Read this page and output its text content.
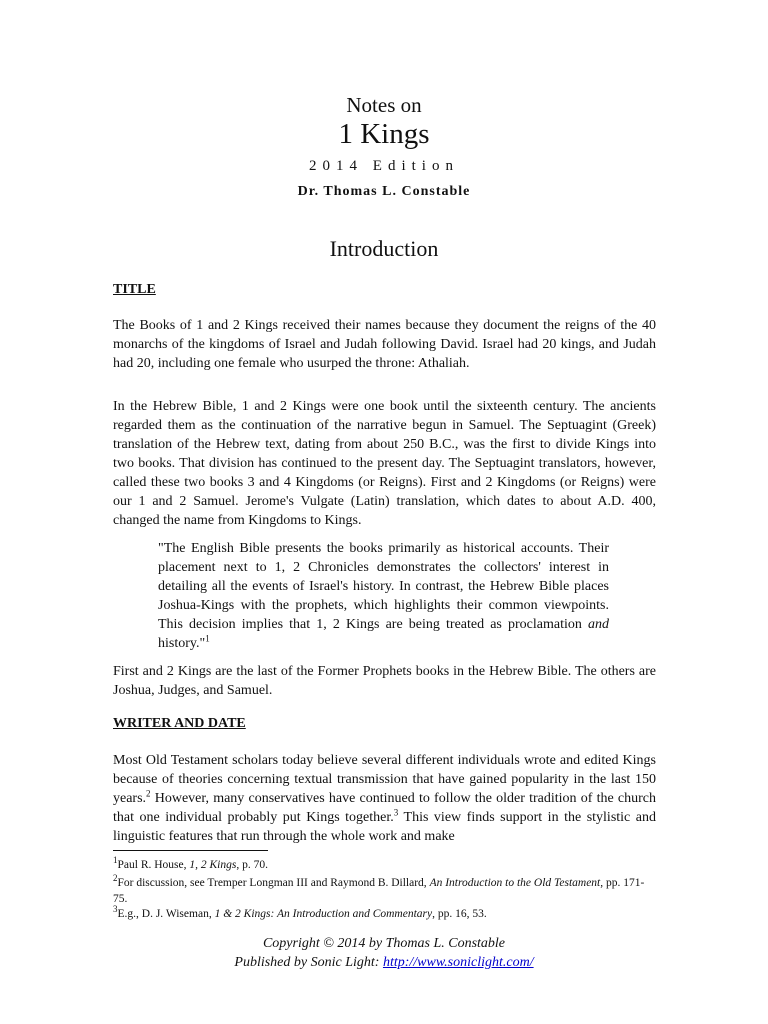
Notes on
1 Kings
2014 Edition
Dr. Thomas L. Constable
Introduction
TITLE

The Books of 1 and 2 Kings received their names because they document the reigns of the 40 monarchs of the kingdoms of Israel and Judah following David. Israel had 20 kings, and Judah had 20, including one female who usurped the throne: Athaliah.

In the Hebrew Bible, 1 and 2 Kings were one book until the sixteenth century. The ancients regarded them as the continuation of the narrative begun in Samuel. The Septuagint (Greek) translation of the Hebrew text, dating from about 250 B.C., was the first to divide Kings into two books. That division has continued to the present day. The Septuagint translators, however, called these two books 3 and 4 Kingdoms (or Reigns). First and 2 Kingdoms (or Reigns) were our 1 and 2 Samuel. Jerome's Vulgate (Latin) translation, which dates to about A.D. 400, changed the name from Kingdoms to Kings.

"The English Bible presents the books primarily as historical accounts. Their placement next to 1, 2 Chronicles demonstrates the collectors' interest in detailing all the events of Israel's history. In contrast, the Hebrew Bible places Joshua-Kings with the prophets, which highlights their common viewpoints. This decision implies that 1, 2 Kings are being treated as proclamation and history."$^1$

First and 2 Kings are the last of the Former Prophets books in the Hebrew Bible. The others are Joshua, Judges, and Samuel.

WRITER AND DATE

Most Old Testament scholars today believe several different individuals wrote and edited Kings because of theories concerning textual transmission that have gained popularity in the last 150 years.$^2$ However, many conservatives have continued to follow the older tradition of the church that one individual probably put Kings together.$^3$ This view finds support in the stylistic and linguistic features that run through the whole work and make

$^1$Paul R. House, 1, 2 Kings, p. 70.

$^2$For discussion, see Tremper Longman III and Raymond B. Dillard, An Introduction to the Old Testament, pp. 171-75.

$^3$E.g., D. J. Wiseman, 1 & 2 Kings: An Introduction and Commentary, pp. 16, 53.

Copyright © 2014 by Thomas L. Constable
Published by Sonic Light: http://www.soniclight.com/
